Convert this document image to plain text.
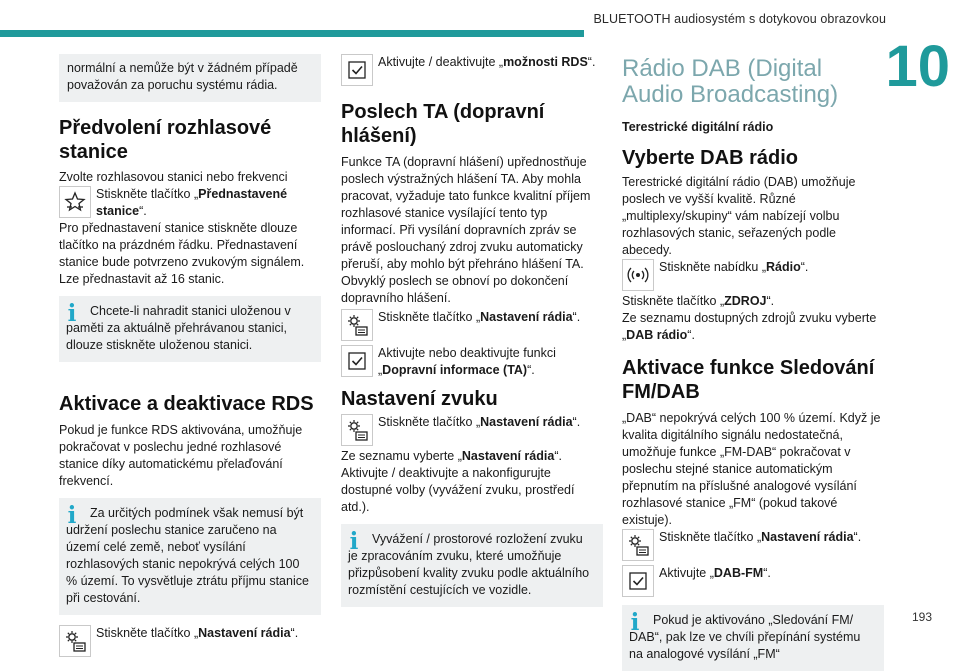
BLUETOOTH audiosystém s dotykovou obrazovkou
10
193

normální a nemůže být v žádném případě považován za poruchu systému rádia.

Předvolení rozhlasové stanice

Zvolte rozhlasovou stanici nebo frekvenci

Stiskněte tlačítko „Přednastavené stanice“.

Pro přednastavení stanice stiskněte dlouze tlačítko na prázdném řádku. Přednastavení stanice bude potvrzeno zvukovým signálem. Lze přednastavit až 16 stanic.

i	Chcete-li nahradit stanici uloženou v paměti za aktuálně přehrávanou stanici, dlouze stiskněte uloženou stanici.

Aktivace a deaktivace RDS

Pokud je funkce RDS aktivována, umožňuje pokračovat v poslechu jedné rozhlasové stanice díky automatickému přelaďování frekvencí.

i	Za určitých podmínek však nemusí být udržení poslechu stanice zaručeno na území celé země, neboť vysílání rozhlasových stanic nepokrývá celých 100 % území. To vysvětluje ztrátu příjmu stanice při cestování.

Stiskněte tlačítko „Nastavení rádia“.

Aktivujte / deaktivujte „možnosti RDS“.

Poslech TA (dopravní hlášení)

Funkce TA (dopravní hlášení) upřednostňuje poslech výstražných hlášení TA. Aby mohla pracovat, vyžaduje tato funkce kvalitní příjem rozhlasové stanice vysílající tento typ informací. Při vysílání dopravních zpráv se právě poslouchaný zdroj zvuku automaticky přeruší, aby mohlo být přehráno hlášení TA. Obvyklý poslech se obnoví po dokončení dopravního hlášení.

Stiskněte tlačítko „Nastavení rádia“.

Aktivujte nebo deaktivujte funkci „Dopravní informace (TA)“.

Nastavení zvuku

Stiskněte tlačítko „Nastavení rádia“.

Ze seznamu vyberte „Nastavení rádia“.

Aktivujte / deaktivujte a nakonfigurujte dostupné volby (vyvážení zvuku, prostředí atd.).

i	Vyvážení / prostorové rozložení zvuku je zpracováním zvuku, které umožňuje přizpůsobení kvality zvuku podle aktuálního rozmístění cestujících ve vozidle.

Rádio DAB (Digital Audio Broadcasting)
Terestrické digitální rádio
Vyberte DAB rádio

Terestrické digitální rádio (DAB) umožňuje poslech ve vyšší kvalitě. Různé „multiplexy/skupiny“ vám nabízejí volbu rozhlasových stanic, seřazených podle abecedy.

Stiskněte nabídku „Rádio“.

Stiskněte tlačítko „ZDROJ“.

Ze seznamu dostupných zdrojů zvuku vyberte „DAB rádio“.

Aktivace funkce Sledování FM/DAB

„DAB“ nepokrývá celých 100 % území. Když je kvalita digitálního signálu nedostatečná, umožňuje funkce „FM-DAB“ pokračovat v poslechu stejné stanice automatickým přepnutím na příslušné analogové vysílání rozhlasové stanice „FM“ (pokud takové existuje).

Stiskněte tlačítko „Nastavení rádia“.

Aktivujte „DAB-FM“.

i	Pokud je aktivováno „Sledování FM/ DAB“, pak lze ve chvíli přepínání systému na analogové vysílání „FM“
